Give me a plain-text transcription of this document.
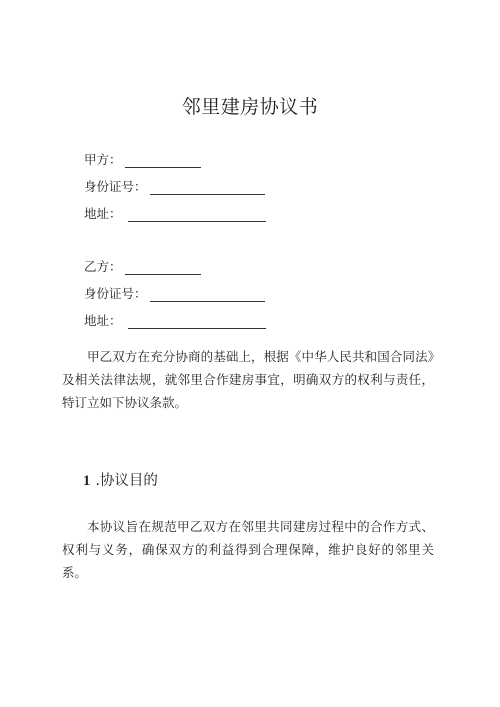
邻里建房协议书
甲方：
身份证号：
地址：
乙方：
身份证号：
地址：

甲乙双方在充分协商的基础上，根据《中华人民共和国合同法》及相关法律法规，就邻里合作建房事宜，明确双方的权利与责任，特订立如下协议条款。

1 .协议目的

本协议旨在规范甲乙双方在邻里共同建房过程中的合作方式、权利与义务，确保双方的利益得到合理保障，维护良好的邻里关系。
